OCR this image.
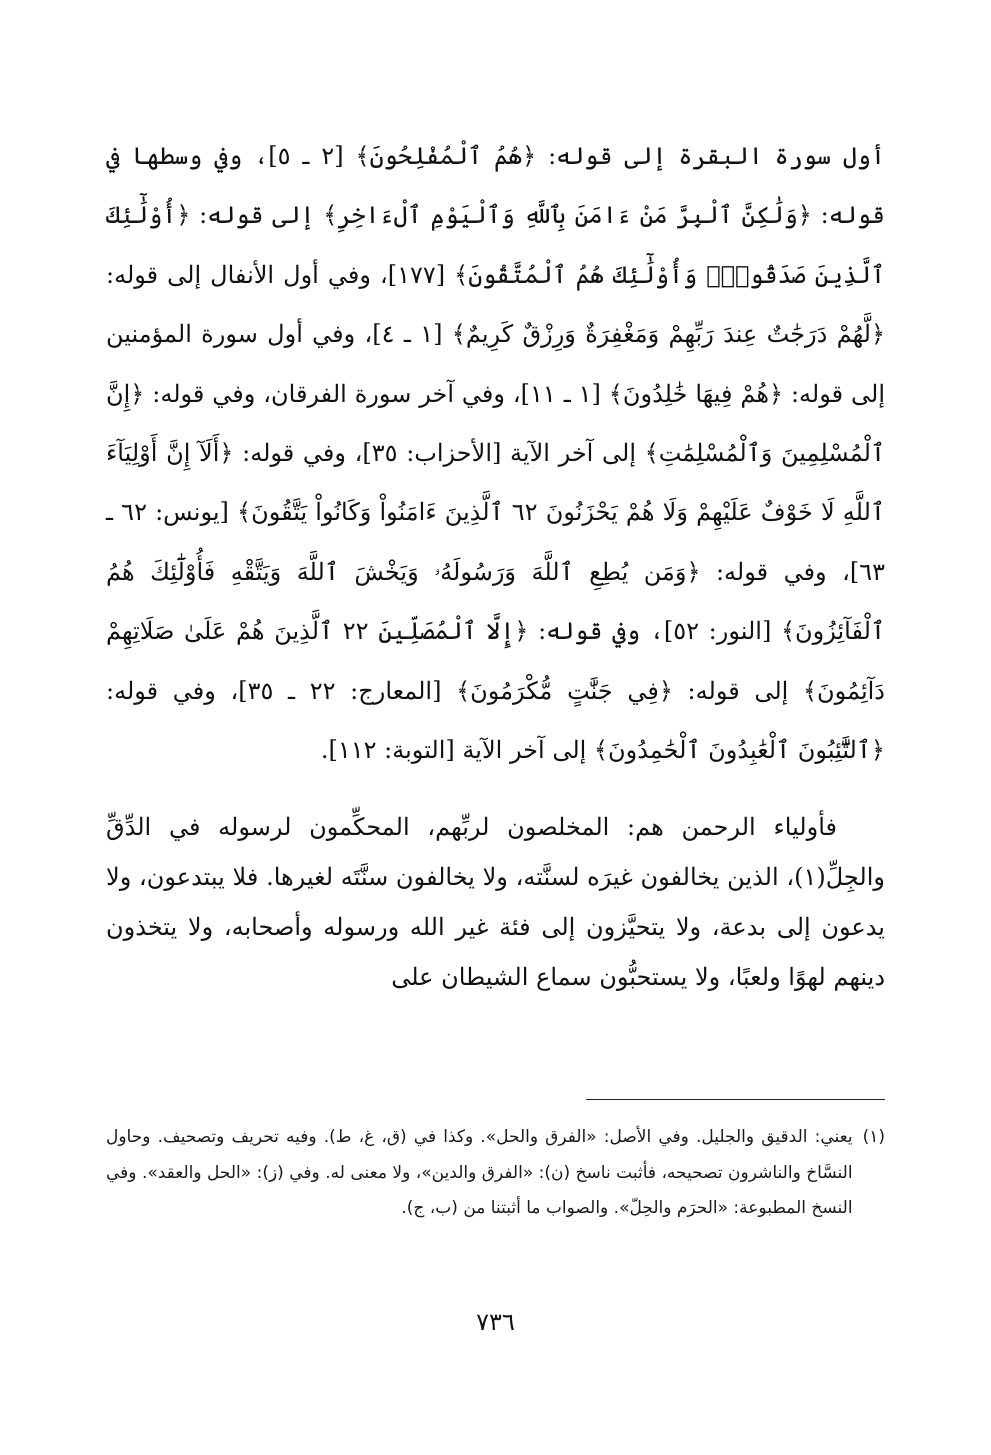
أول سورة البقرة إلى قوله: ﴿هُمُ ٱلْمُفْلِحُونَ﴾ [٢ ـ ٥]، وفي وسطها في قوله: ﴿وَلَٰكِنَّ ٱلْبِرَّ مَنْ ءَامَنَ بِٱللَّهِ وَٱلْيَوْمِ ٱلْءَاخِرِ﴾ إلى قوله: ﴿أُوْلَٰٓئِكَ ٱلَّذِينَ صَدَقُواْۖ وَأُوْلَٰٓئِكَ هُمُ ٱلْمُتَّقُونَ﴾ [١٧٧]، وفي أول الأنفال إلى قوله: ﴿لَّهُمْ دَرَجَٰتٌ عِندَ رَبِّهِمْ وَمَغْفِرَةٌ وَرِزْقٌ كَرِيمٌ﴾ [١ ـ ٤]، وفي أول سورة المؤمنين إلى قوله: ﴿هُمْ فِيهَا خَٰلِدُونَ﴾ [١ ـ ١١]، وفي آخر سورة الفرقان، وفي قوله: ﴿إِنَّ ٱلْمُسْلِمِينَ وَٱلْمُسْلِمَٰتِ﴾ إلى آخر الآية [الأحزاب: ٣٥]، وفي قوله: ﴿أَلَآ إِنَّ أَوْلِيَآءَ ٱللَّهِ لَا خَوْفٌ عَلَيْهِمْ وَلَا هُمْ يَحْزَنُونَ ٦٢ ٱلَّذِينَ ءَامَنُواْ وَكَانُواْ يَتَّقُونَ﴾ [يونس: ٦٢ ـ ٦٣]، وفي قوله: ﴿وَمَن يُطِعِ ٱللَّهَ وَرَسُولَهُۥ وَيَخْشَ ٱللَّهَ وَيَتَّقْهِ فَأُوْلَٰٓئِكَ هُمُ ٱلْفَآئِزُونَ﴾ [النور: ٥٢]، وفي قوله: ﴿إِلَّا ٱلْمُصَلِّينَ ٢٢ ٱلَّذِينَ هُمْ عَلَىٰ صَلَاتِهِمْ دَآئِمُونَ﴾ إلى قوله: ﴿فِي جَنَّٰتٍ مُّكْرَمُونَ﴾ [المعارج: ٢٢ ـ ٣٥]، وفي قوله: ﴿ٱلتَّٰٓئِبُونَ ٱلْعَٰبِدُونَ ٱلْحَٰمِدُونَ﴾ إلى آخر الآية [التوبة: ١١٢].

فأولياء الرحمن هم: المخلصون لربِّهم، المحكِّمون لرسوله في الدِّقِّ والجِلِّ(١)، الذين يخالفون غيرَه لسنَّته، ولا يخالفون سنَّتَه لغيرها. فلا يبتدعون، ولا يدعون إلى بدعة، ولا يتحيَّزون إلى فئة غير الله ورسوله وأصحابه، ولا يتخذون دينهم لهوًا ولعبًا، ولا يستحبُّون سماع الشيطان على

(١)
يعني: الدقيق والجليل. وفي الأصل: «الفرق والحل». وكذا في (ق، غ، ط). وفيه تحريف وتصحيف. وحاول النسَّاخ والناشرون تصحيحه، فأثبت ناسخ (ن): «الفرق والدين»، ولا معنى له. وفي (ز): «الحل والعقد». وفي النسخ المطبوعة: «الحرَم والحِلّ». والصواب ما أثبتنا من (ب، ج).
٧٣٦
